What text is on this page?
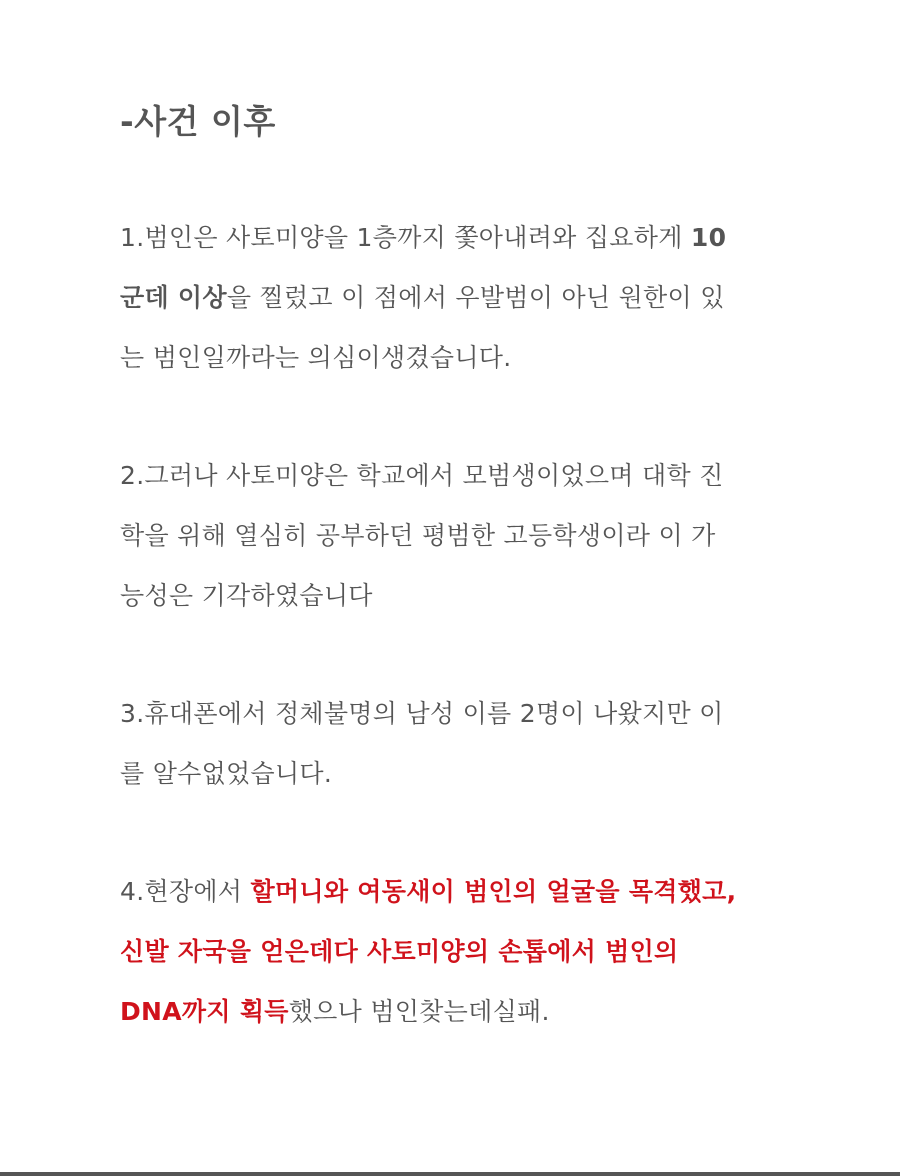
-사건 이후
1.범인은 사토미양을 1층까지 쫓아내려와 집요하게 10
군데 이상을 찔렀고 이 점에서 우발범이 아닌 원한이 있
는 범인일까라는 의심이생겼습니다.
2.그러나 사토미양은 학교에서 모범생이었으며 대학 진
학을 위해 열심히 공부하던 평범한 고등학생이라 이 가
능성은 기각하였습니다
3.휴대폰에서 정체불명의 남성 이름 2명이 나왔지만 이
를 알수없었습니다.
4.현장에서 할머니와 여동새이 범인의 얼굴을 목격했고,
신발 자국을 얻은데다 사토미양의 손톱에서 범인의
DNA까지 획득했으나 범인찾는데실패.
